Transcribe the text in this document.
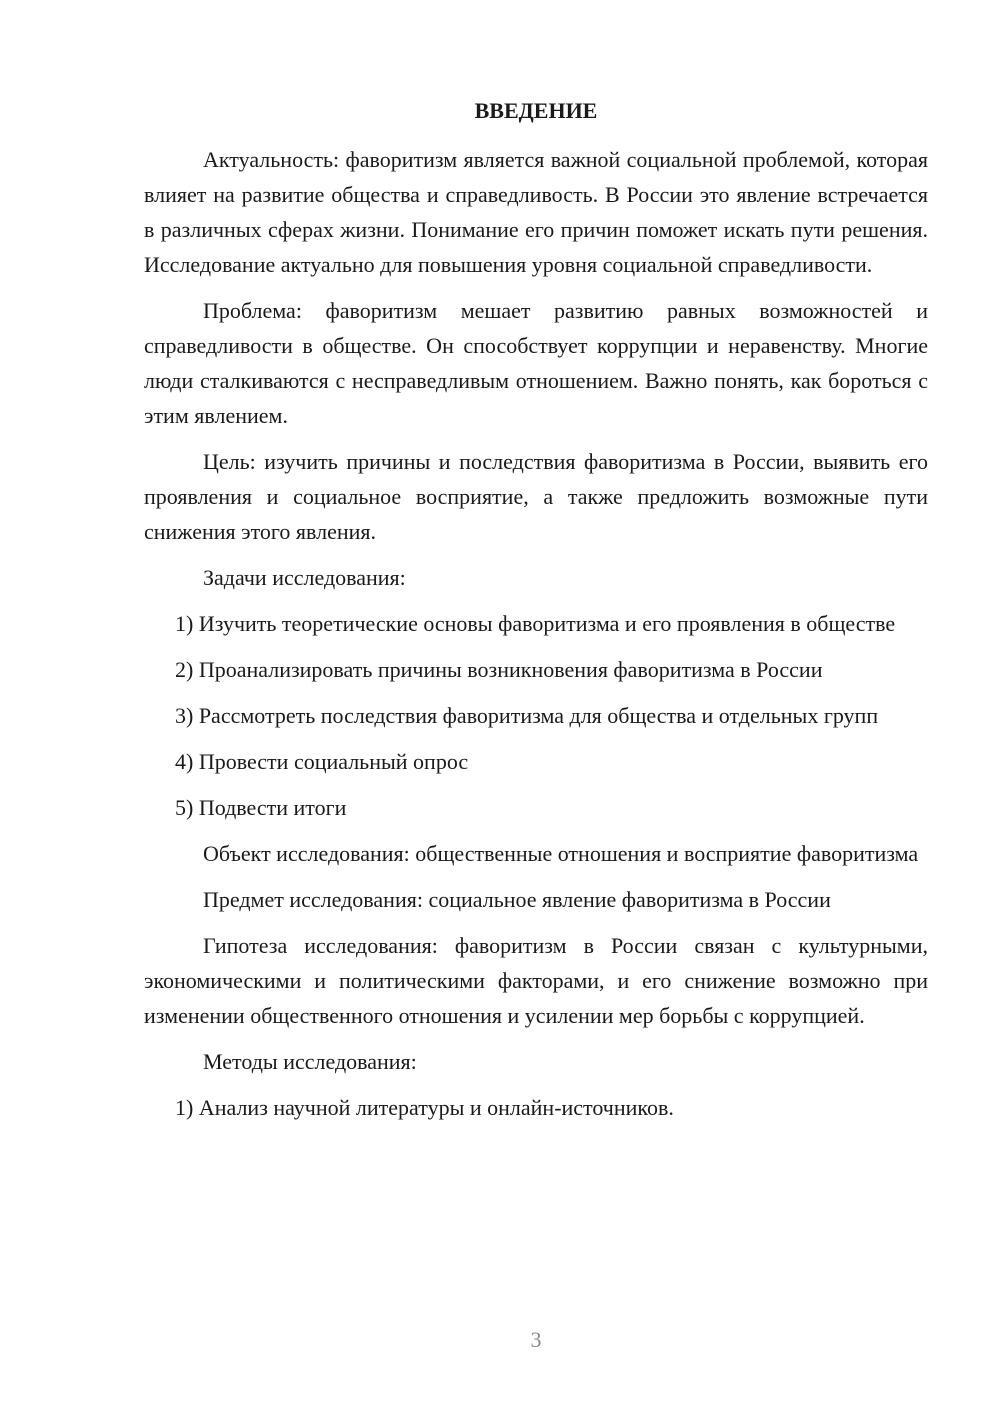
ВВЕДЕНИЕ

Актуальность: фаворитизм является важной социальной проблемой, которая влияет на развитие общества и справедливость. В России это явление встречается в различных сферах жизни. Понимание его причин поможет искать пути решения. Исследование актуально для повышения уровня социальной справедливости.

Проблема: фаворитизм мешает развитию равных возможностей и справедливости в обществе. Он способствует коррупции и неравенству. Многие люди сталкиваются с несправедливым отношением. Важно понять, как бороться с этим явлением.

Цель: изучить причины и последствия фаворитизма в России, выявить его проявления и социальное восприятие, а также предложить возможные пути снижения этого явления.

Задачи исследования:

1) Изучить теоретические основы фаворитизма и его проявления в обществе

2) Проанализировать причины возникновения фаворитизма в России

3) Рассмотреть последствия фаворитизма для общества и отдельных групп

4) Провести социальный опрос

5) Подвести итоги

Объект исследования: общественные отношения и восприятие фаворитизма

Предмет исследования: социальное явление фаворитизма в России

Гипотеза исследования: фаворитизм в России связан с культурными, экономическими и политическими факторами, и его снижение возможно при изменении общественного отношения и усилении мер борьбы с коррупцией.

Методы исследования:

1) Анализ научной литературы и онлайн-источников.

3
